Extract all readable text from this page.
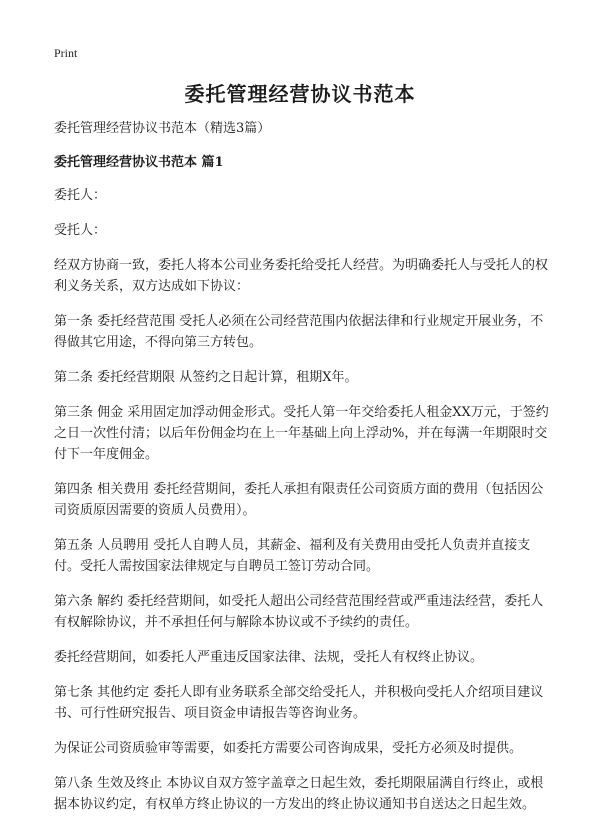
Print
委托管理经营协议书范本

委托管理经营协议书范本（精选3篇）

委托管理经营协议书范本 篇1

委托人：

受托人：

经双方协商一致，委托人将本公司业务委托给受托人经营。为明确委托人与受托人的权利义务关系，双方达成如下协议：

第一条 委托经营范围 受托人必须在公司经营范围内依据法律和行业规定开展业务，不得做其它用途，不得向第三方转包。

第二条 委托经营期限 从签约之日起计算，租期X年。

第三条 佣金 采用固定加浮动佣金形式。受托人第一年交给委托人租金XX万元，于签约之日一次性付清；以后年份佣金均在上一年基础上向上浮动%，并在每满一年期限时交付下一年度佣金。

第四条 相关费用 委托经营期间，委托人承担有限责任公司资质方面的费用（包括因公司资质原因需要的资质人员费用）。

第五条 人员聘用 受托人自聘人员，其薪金、福利及有关费用由受托人负责并直接支付。受托人需按国家法律规定与自聘员工签订劳动合同。

第六条 解约 委托经营期间，如受托人超出公司经营范围经营或严重违法经营，委托人有权解除协议，并不承担任何与解除本协议或不予续约的责任。

委托经营期间，如委托人严重违反国家法律、法规，受托人有权终止协议。

第七条 其他约定 委托人即有业务联系全部交给受托人，并积极向受托人介绍项目建议书、可行性研究报告、项目资金申请报告等咨询业务。

为保证公司资质验审等需要，如委托方需要公司咨询成果，受托方必须及时提供。

第八条 生效及终止 本协议自双方签字盖章之日起生效，委托期限届满自行终止，或根据本协议约定，有权单方终止协议的一方发出的终止协议通知书自送达之日起生效。
